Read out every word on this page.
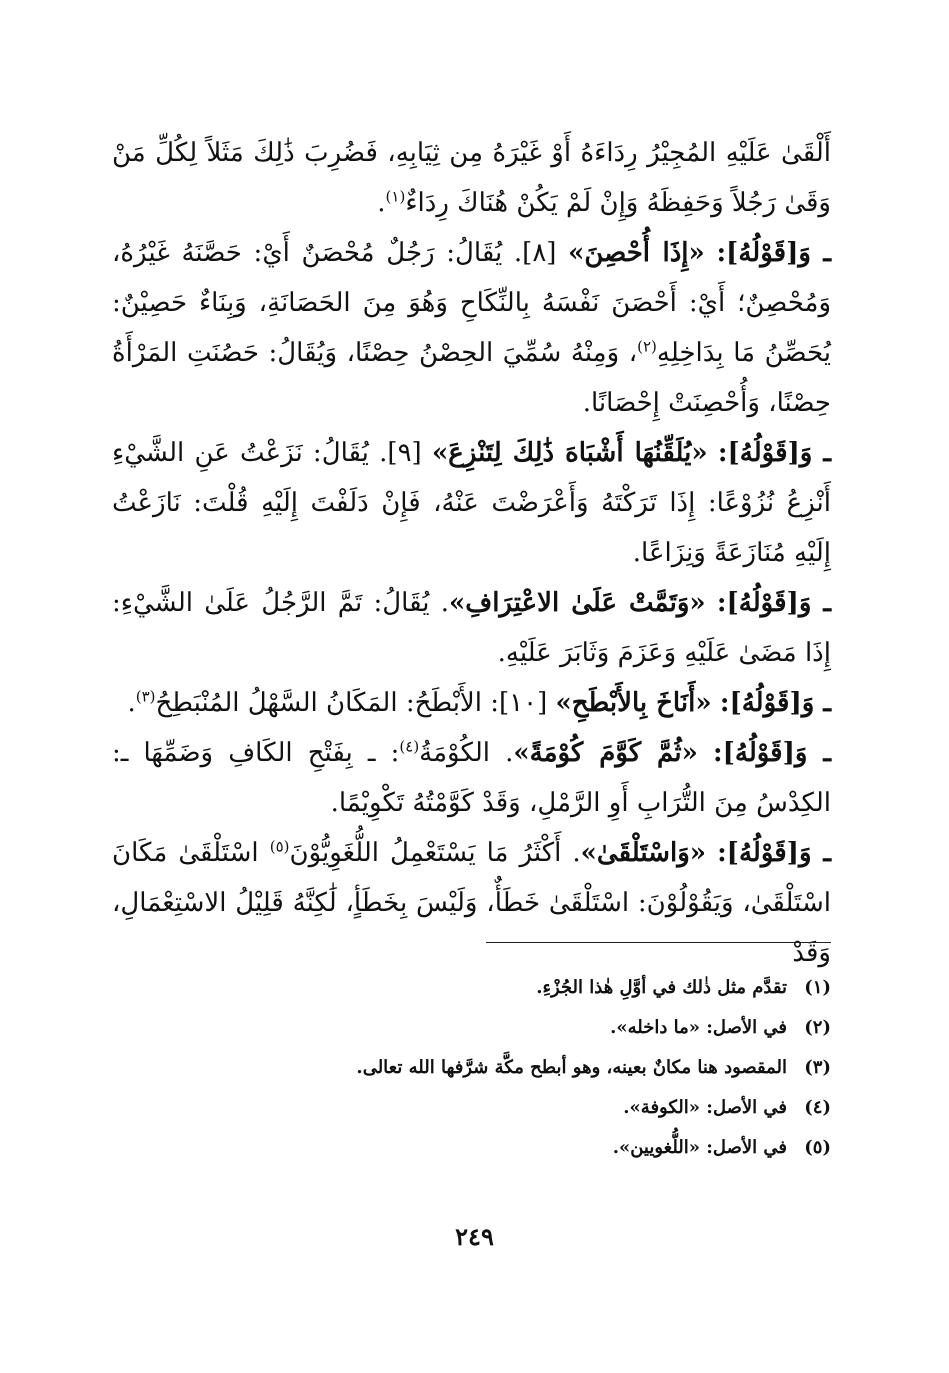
أَلْقَىٰ عَلَيْهِ المُجِيْرُ رِدَاءَهُ أَوْ غَيْرَهُ مِن ثِيَابِهِ، فَضُرِبَ ذَٰلِكَ مَثَلاً لِكُلِّ مَنْ وَقَىٰ رَجُلاً وَحَفِظَهُ وَإِنْ لَمْ يَكُنْ هُنَاكَ رِدَاءٌ$^{(١)}$.

ـ وَ[قَوْلُهُ]: «إِذَا أُحْصِنَ» [٨]. يُقَالُ: رَجُلٌ مُحْصَنٌ أَيْ: حَصَّنَهُ غَيْرُهُ، وَمُحْصِنٌ؛ أَيْ: أَحْصَنَ نَفْسَهُ بِالنِّكَاحِ وَهُوَ مِنَ الحَصَانَةِ، وَبِنَاءٌ حَصِيْنٌ: يُحَصِّنُ مَا بِدَاخِلِهِ$^{(٢)}$، وَمِنْهُ سُمِّيَ الحِصْنُ حِصْنًا، وَيُقَالُ: حَصُنَتِ المَرْأَةُ حِصْنًا، وَأُحْصِنَتْ إِحْصَانًا.

ـ وَ[قَوْلُهُ]: «يُلَقِّنُهَا أَشْبَاهَ ذَٰلِكَ لِتَنْزِعَ» [٩]. يُقَالُ: نَزَعْتُ عَنِ الشَّيْءِ أَنْزِعُ نُزُوْعًا: إِذَا تَرَكْتَهُ وَأَعْرَضْتَ عَنْهُ، فَإِنْ دَلَفْتَ إِلَيْهِ قُلْتَ: نَازَعْتُ إِلَيْهِ مُنَازَعَةً وَنِزَاعًا.

ـ وَ[قَوْلُهُ]: «وَتَمَّتْ عَلَىٰ الاعْتِرَافِ». يُقَالُ: تَمَّ الرَّجُلُ عَلَىٰ الشَّيْءِ: إِذَا مَضَىٰ عَلَيْهِ وَعَزَمَ وَثَابَرَ عَلَيْهِ.

ـ وَ[قَوْلُهُ]: «أَنَاخَ بِالأَبْطَحِ» [١٠]: الأَبْطَحُ: المَكَانُ السَّهْلُ المُنْبَطِحُ$^{(٣)}$.

ـ وَ[قَوْلُهُ]: «ثُمَّ كَوَّمَ كُوْمَةً». الكُوْمَةُ$^{(٤)}$: ـ بِفَتْحِ الكَافِ وَضَمِّهَا ـ: الكِدْسُ مِنَ التُّرَابِ أَوِ الرَّمْلِ، وَقَدْ كَوَّمْتُهُ تَكْوِيْمًا.

ـ وَ[قَوْلُهُ]: «وَاسْتَلْقَىٰ». أَكْثَرُ مَا يَسْتَعْمِلُ اللُّغَوِيُّوْنَ$^{(٥)}$ اسْتَلْقَىٰ مَكَانَ اسْتَلْقَىٰ، وَيَقُوْلُوْنَ: اسْتَلْقَىٰ خَطَأٌ، وَلَيْسَ بِخَطَأٍ، لَٰكِنَّهُ قَلِيْلُ الاسْتِعْمَالِ، وَقَدْ

(١)تقدَّم مثل ذٰلك في أوَّلِ هٰذا الجُزْءِ.

(٢)في الأصل: «ما داخله».

(٣)المقصود هنا مكانٌ بعينه، وهو أبطح مكَّة شرَّفها الله تعالى.

(٤)في الأصل: «الكوفة».

(٥)في الأصل: «اللُّغويين».

٢٤٩
